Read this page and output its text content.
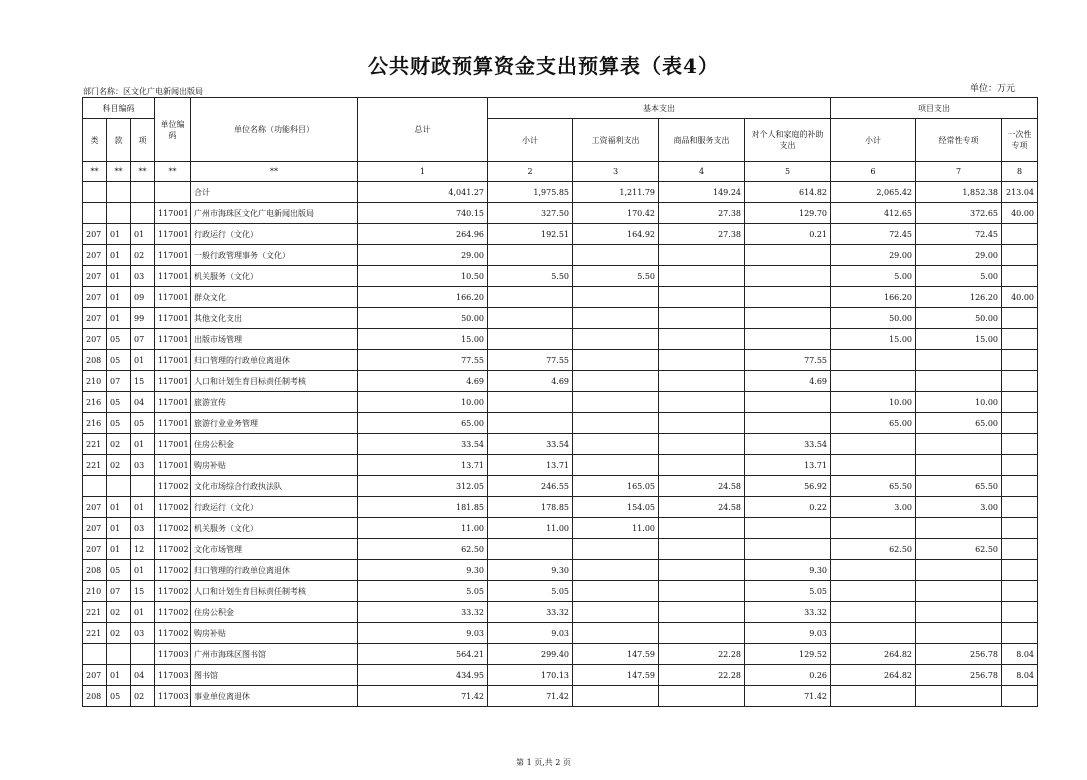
公共财政预算资金支出预算表（表4）
部门名称：区文化广电新闻出版局	单位：万元
科目编码			单位编码	单位名称（功能科目）	总计	基本支出				项目支出		
类	款	项				小计	工资福利支出	商品和服务支出	对个人和家庭的补助支出	小计	经常性专项	一次性专项
**	**	**	**	**	1	2	3	4	5	6	7	8
				合计	4,041.27	1,975.85	1,211.79	149.24	614.82	2,065.42	1,852.38	213.04
			117001	广州市海珠区文化广电新闻出版局	740.15	327.50	170.42	27.38	129.70	412.65	372.65	40.00
207	01	01	117001	行政运行（文化）	264.96	192.51	164.92	27.38	0.21	72.45	72.45	
207	01	02	117001	一般行政管理事务（文化）	29.00					29.00	29.00	
207	01	03	117001	机关服务（文化）	10.50	5.50	5.50			5.00	5.00	
207	01	09	117001	群众文化	166.20					166.20	126.20	40.00
207	01	99	117001	其他文化支出	50.00					50.00	50.00	
207	05	07	117001	出版市场管理	15.00					15.00	15.00	
208	05	01	117001	归口管理的行政单位离退休	77.55	77.55			77.55			
210	07	15	117001	人口和计划生育目标责任制考核	4.69	4.69			4.69			
216	05	04	117001	旅游宣传	10.00					10.00	10.00	
216	05	05	117001	旅游行业业务管理	65.00					65.00	65.00	
221	02	01	117001	住房公积金	33.54	33.54			33.54			
221	02	03	117001	购房补贴	13.71	13.71			13.71			
			117002	文化市场综合行政执法队	312.05	246.55	165.05	24.58	56.92	65.50	65.50	
207	01	01	117002	行政运行（文化）	181.85	178.85	154.05	24.58	0.22	3.00	3.00	
207	01	03	117002	机关服务（文化）	11.00	11.00	11.00					
207	01	12	117002	文化市场管理	62.50					62.50	62.50	
208	05	01	117002	归口管理的行政单位离退休	9.30	9.30			9.30			
210	07	15	117002	人口和计划生育目标责任制考核	5.05	5.05			5.05			
221	02	01	117002	住房公积金	33.32	33.32			33.32			
221	02	03	117002	购房补贴	9.03	9.03			9.03			
			117003	广州市海珠区图书馆	564.21	299.40	147.59	22.28	129.52	264.82	256.78	8.04
207	01	04	117003	图书馆	434.95	170.13	147.59	22.28	0.26	264.82	256.78	8.04
208	05	02	117003	事业单位离退休	71.42	71.42			71.42			
第 1 页,共 2 页
